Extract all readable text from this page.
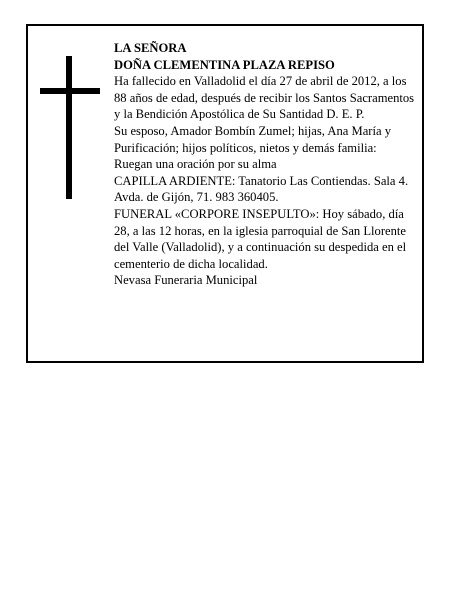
LA SEÑORA

DOÑA CLEMENTINA PLAZA REPISO

Ha fallecido en Valladolid el día 27 de abril de 2012, a los 88 años de edad, después de recibir los Santos Sacramentos y la Bendición Apostólica de Su Santidad D. E. P.

Su esposo, Amador Bombín Zumel; hijas, Ana María y Purificación; hijos políticos, nietos y demás familia:

Ruegan una oración por su alma

CAPILLA ARDIENTE: Tanatorio Las Contiendas. Sala 4. Avda. de Gijón, 71. 983 360405.

FUNERAL «CORPORE INSEPULTO»: Hoy sábado, día 28, a las 12 horas, en la iglesia parroquial de San Llorente del Valle (Valladolid), y a continuación su despedida en el cementerio de dicha localidad.

Nevasa Funeraria Municipal
